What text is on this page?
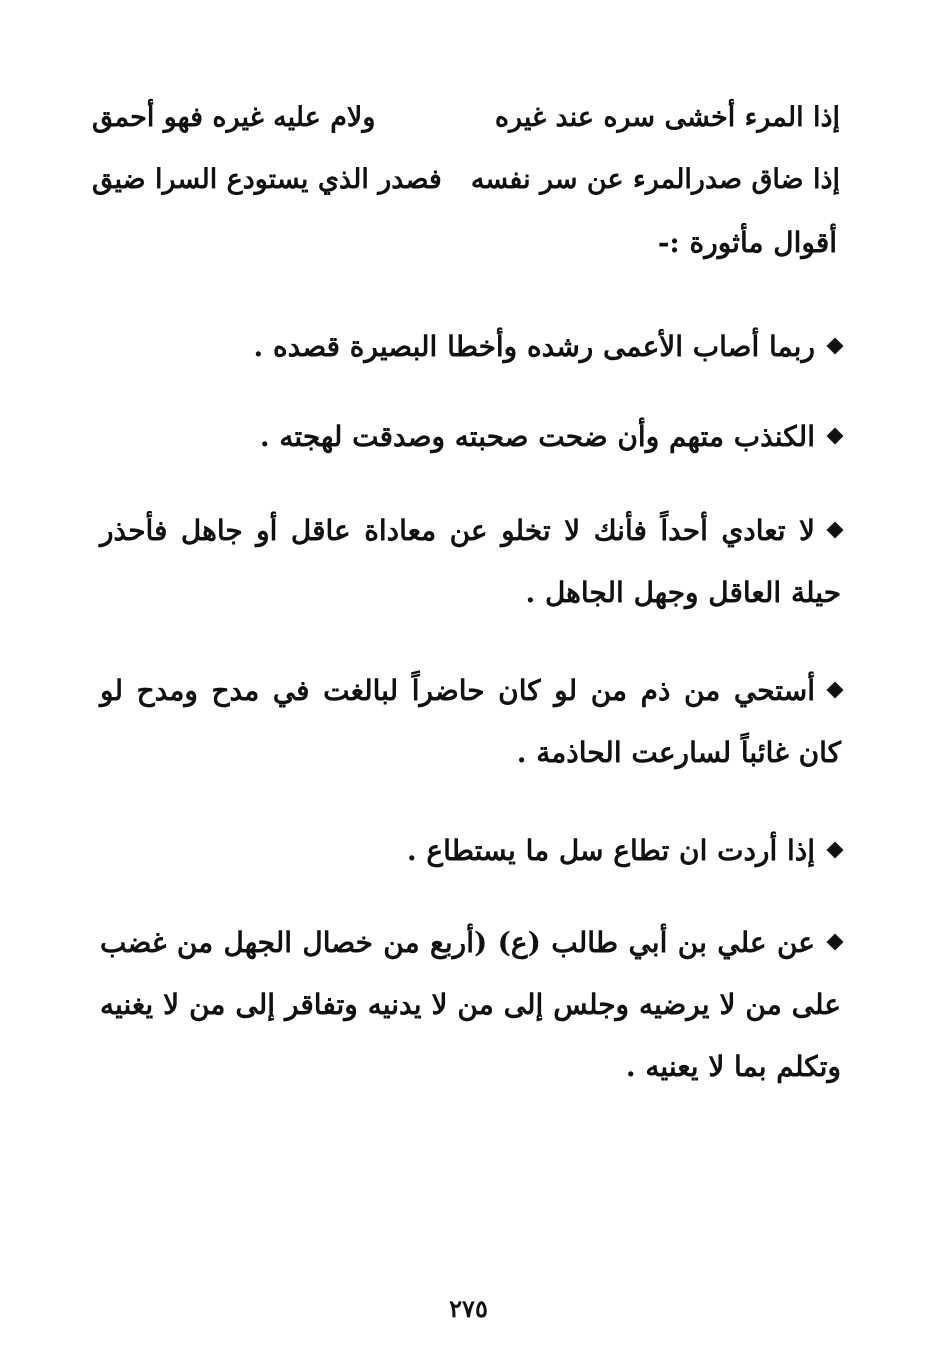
إذا المرء أخشى سره عند غيره
ولام عليه غيره فهو أحمق
إذا ضاق صدرالمرء عن سر نفسه
فصدر الذي يستودع السرا ضيق
أقوال مأثورة :-
ربما أصاب الأعمى رشده وأخطا البصيرة قصده .
الكنذب متهم وأن ضحت صحبته وصدقت لهجته .
لا تعادي أحداً فأنك لا تخلو عن معاداة عاقل أو جاهل فأحذر حيلة العاقل وجهل الجاهل .
أستحي من ذم من لو كان حاضراً لبالغت في مدح ومدح لو كان غائباً لسارعت الحاذمة .
إذا أردت ان تطاع سل ما يستطاع .
عن علي بن أبي طالب (ع) (أربع من خصال الجهل من غضب على من لا يرضيه وجلس إلى من لا يدنيه وتفاقر إلى من لا يغنيه وتكلم بما لا يعنيه .
٢٧٥
